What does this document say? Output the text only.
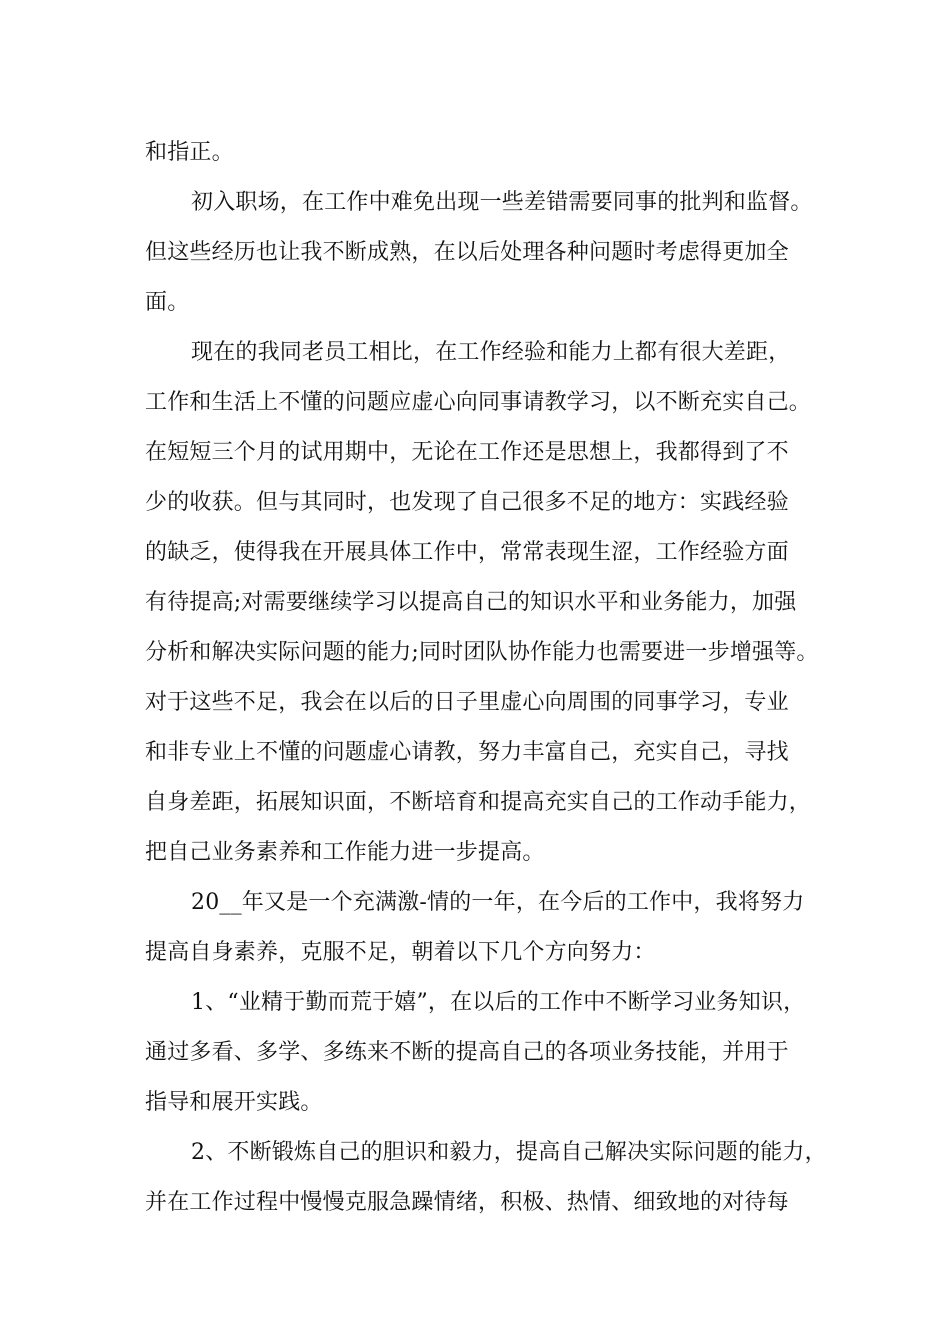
和指正。
初入职场，在工作中难免出现一些差错需要同事的批判和监督。
但这些经历也让我不断成熟，在以后处理各种问题时考虑得更加全
面。
现在的我同老员工相比，在工作经验和能力上都有很大差距，
工作和生活上不懂的问题应虚心向同事请教学习，以不断充实自己。
在短短三个月的试用期中，无论在工作还是思想上，我都得到了不
少的收获。但与其同时，也发现了自己很多不足的地方：实践经验
的缺乏，使得我在开展具体工作中，常常表现生涩，工作经验方面
有待提高;对需要继续学习以提高自己的知识水平和业务能力，加强
分析和解决实际问题的能力;同时团队协作能力也需要进一步增强等。
对于这些不足，我会在以后的日子里虚心向周围的同事学习，专业
和非专业上不懂的问题虚心请教，努力丰富自己，充实自己，寻找
自身差距，拓展知识面，不断培育和提高充实自己的工作动手能力，
把自己业务素养和工作能力进一步提高。
20__年又是一个充满激-情的一年，在今后的工作中，我将努力
提高自身素养，克服不足，朝着以下几个方向努力：
1、“业精于勤而荒于嬉”，在以后的工作中不断学习业务知识，
通过多看、多学、多练来不断的提高自己的各项业务技能，并用于
指导和展开实践。
2、不断锻炼自己的胆识和毅力，提高自己解决实际问题的能力，
并在工作过程中慢慢克服急躁情绪，积极、热情、细致地的对待每
